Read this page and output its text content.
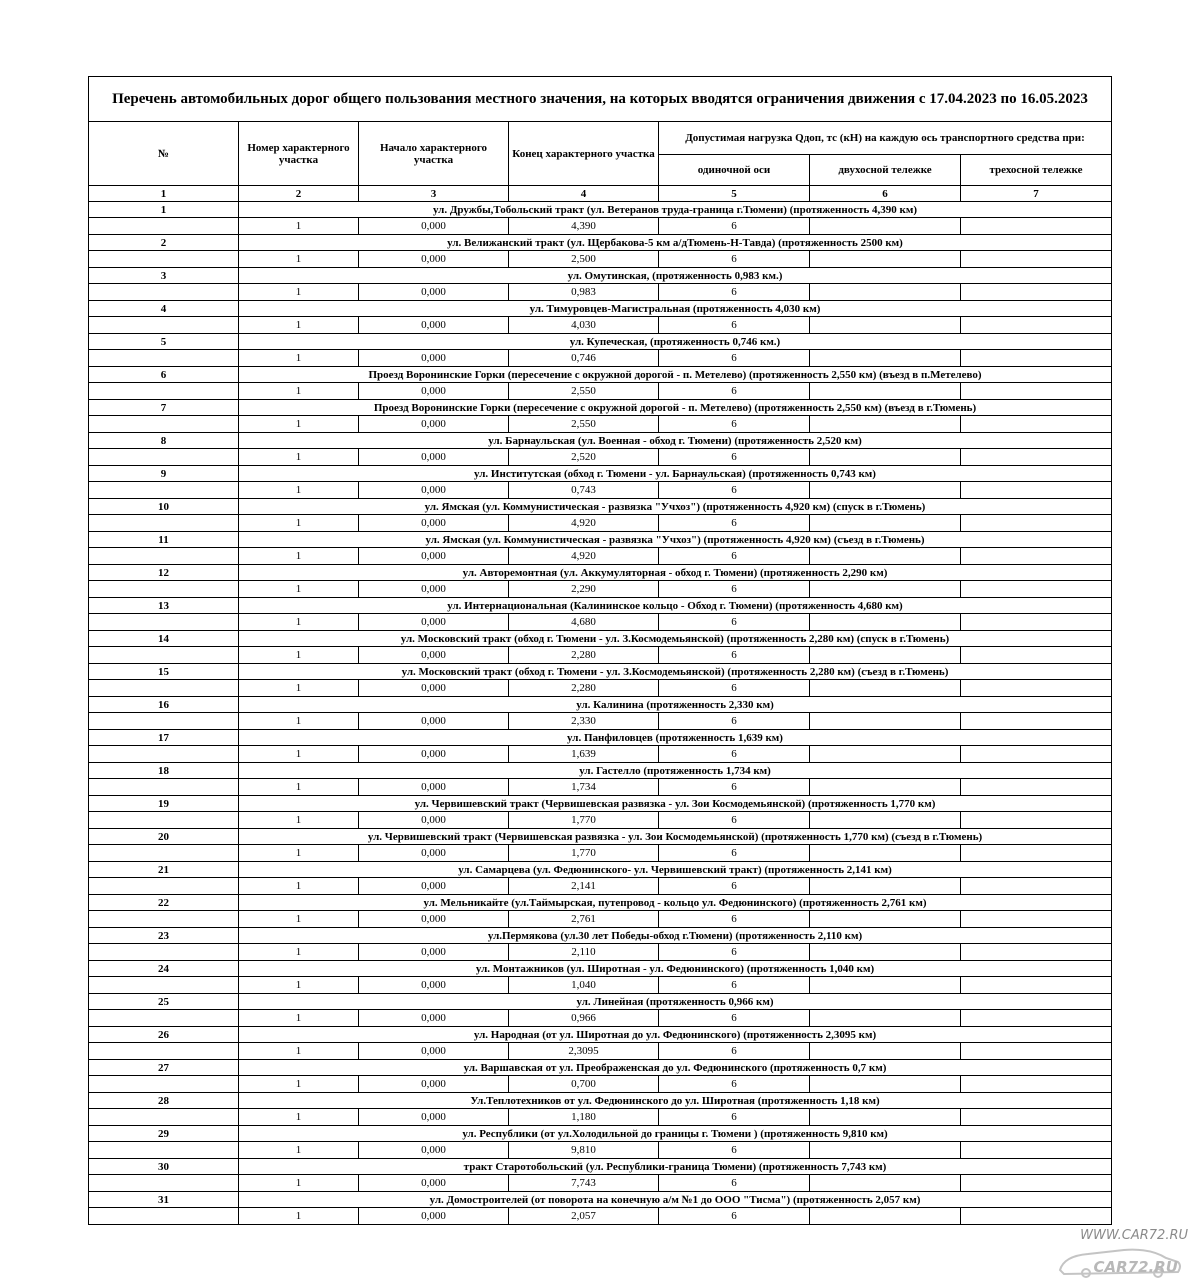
Перечень автомобильных дорог общего пользования местного значения, на которых вводятся ограничения движения с 17.04.2023 по 16.05.2023						
№	Номер характерного участка	Начало характерного участка	Конец характерного участка	Допустимая нагрузка Qдоп, тс (кН) на каждую ось транспортного средства при:		
				одиночной оси	двухосной тележке	трехосной тележке
1	2	3	4	5	6	7
1	ул. Дружбы,Тобольский тракт (ул. Ветеранов труда-граница г.Тюмени) (протяженность 4,390 км)					
	1	0,000	4,390	6		
2	ул. Велижанский тракт (ул. Щербакова-5 км а/дТюмень-Н-Тавда) (протяженность 2500 км)					
	1	0,000	2,500	6		
3	ул. Омутинская, (протяженность 0,983 км.)					
	1	0,000	0,983	6		
4	ул. Тимуровцев-Магистральная (протяженность 4,030 км)					
	1	0,000	4,030	6		
5	ул. Купеческая, (протяженность 0,746 км.)					
	1	0,000	0,746	6		
6	Проезд Воронинские Горки (пересечение с окружной дорогой - п. Метелево) (протяженность 2,550 км) (въезд в п.Метелево)					
	1	0,000	2,550	6		
7	Проезд Воронинские Горки (пересечение с окружной дорогой - п. Метелево) (протяженность 2,550 км) (въезд в г.Тюмень)					
	1	0,000	2,550	6		
8	ул. Барнаульская (ул. Военная - обход г. Тюмени) (протяженность 2,520 км)					
	1	0,000	2,520	6		
9	ул. Институтская (обход г. Тюмени - ул. Барнаульская) (протяженность 0,743 км)					
	1	0,000	0,743	6		
10	ул. Ямская (ул. Коммунистическая - развязка "Учхоз") (протяженность 4,920 км) (спуск в г.Тюмень)					
	1	0,000	4,920	6		
11	ул. Ямская (ул. Коммунистическая - развязка "Учхоз") (протяженность 4,920 км) (съезд в г.Тюмень)					
	1	0,000	4,920	6		
12	ул. Авторемонтная (ул. Аккумуляторная - обход г. Тюмени) (протяженность 2,290 км)					
	1	0,000	2,290	6		
13	ул. Интернациональная (Калининское кольцо - Обход г. Тюмени) (протяженность 4,680 км)					
	1	0,000	4,680	6		
14	ул. Московский тракт (обход г. Тюмени - ул. З.Космодемьянской) (протяженность 2,280 км) (спуск в г.Тюмень)					
	1	0,000	2,280	6		
15	ул. Московский тракт (обход г. Тюмени - ул. З.Космодемьянской) (протяженность 2,280 км) (съезд в г.Тюмень)					
	1	0,000	2,280	6		
16	ул. Калинина (протяженность 2,330 км)					
	1	0,000	2,330	6		
17	ул. Панфиловцев (протяженность 1,639 км)					
	1	0,000	1,639	6		
18	ул. Гастелло (протяженность 1,734 км)					
	1	0,000	1,734	6		
19	ул. Червишевский тракт (Червишевская развязка - ул. Зои Космодемьянской) (протяженность 1,770 км)					
	1	0,000	1,770	6		
20	ул. Червишевский тракт (Червишевская развязка - ул. Зои Космодемьянской) (протяженность 1,770 км) (съезд в г.Тюмень)					
	1	0,000	1,770	6		
21	ул. Самарцева (ул. Федюнинского- ул. Червишевский тракт) (протяженность 2,141 км)					
	1	0,000	2,141	6		
22	ул. Мельникайте (ул.Таймырская, путепровод - кольцо ул. Федюнинского) (протяженность 2,761 км)					
	1	0,000	2,761	6		
23	ул.Пермякова (ул.30 лет Победы-обход г.Тюмени) (протяженность 2,110 км)					
	1	0,000	2,110	6		
24	ул. Монтажников (ул. Широтная - ул. Федюнинского) (протяженность 1,040 км)					
	1	0,000	1,040	6		
25	ул. Линейная (протяженность 0,966 км)					
	1	0,000	0,966	6		
26	ул. Народная (от ул. Широтная до ул. Федюнинского) (протяженность 2,3095 км)					
	1	0,000	2,3095	6		
27	ул. Варшавская от ул. Преображенская до ул. Федюнинского (протяженность 0,7 км)					
	1	0,000	0,700	6		
28	Ул.Теплотехников от ул. Федюнинского до ул. Широтная (протяженность 1,18 км)					
	1	0,000	1,180	6		
29	ул. Республики (от ул.Холодильной до границы г. Тюмени ) (протяженность 9,810 км)					
	1	0,000	9,810	6		
30	тракт Старотобольский (ул. Республики-граница Тюмени) (протяженность 7,743 км)					
	1	0,000	7,743	6		
31	ул. Домостроителей (от поворота на конечную а/м №1 до ООО "Тисма") (протяженность 2,057 км)					
	1	0,000	2,057	6		
WWW.CAR72.RU
CAR72.RU
